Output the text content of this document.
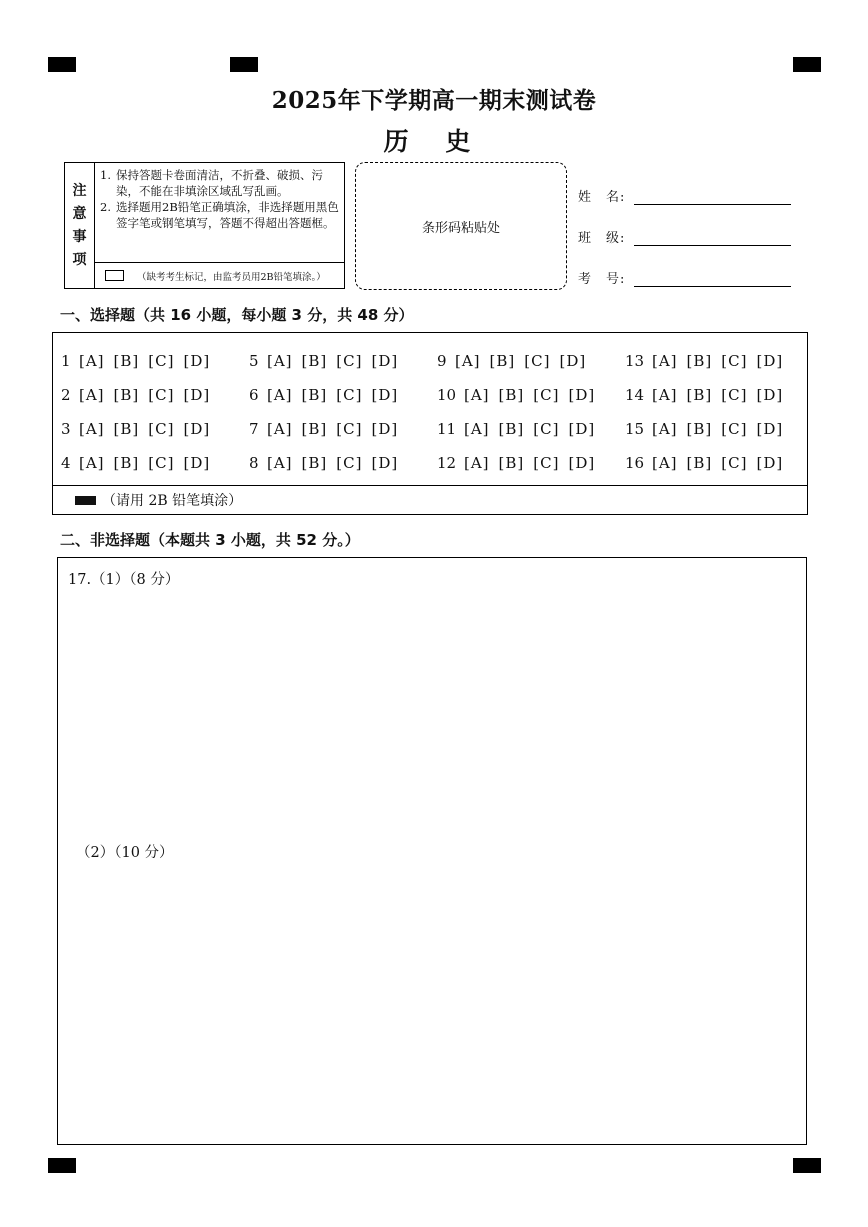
2025年下学期高一期末测试卷
历 史
注
意
事
项
1. 保持答题卡卷面清洁，不折叠、破损、污染，不能在非填涂区域乱写乱画。
2. 选择题用2B铅笔正确填涂，非选择题用黑色签字笔或钢笔填写，答题不得超出答题框。
（缺考考生标记，由监考员用2B铅笔填涂。）
条形码粘贴处
姓　名:
班　级:
考　号:
一、选择题（共 16 小题，每小题 3 分，共 48 分）
（请用 2B 铅笔填涂）
1 [A] [B] [C] [D]
2 [A] [B] [C] [D]
3 [A] [B] [C] [D]
4 [A] [B] [C] [D]
5 [A] [B] [C] [D]
6 [A] [B] [C] [D]
7 [A] [B] [C] [D]
8 [A] [B] [C] [D]
9 [A] [B] [C] [D]
10 [A] [B] [C] [D]
11 [A] [B] [C] [D]
12 [A] [B] [C] [D]
13 [A] [B] [C] [D]
14 [A] [B] [C] [D]
15 [A] [B] [C] [D]
16 [A] [B] [C] [D]
二、非选择题（本题共 3 小题，共 52 分。）
17.（1）（8 分）
（2）（10 分）
